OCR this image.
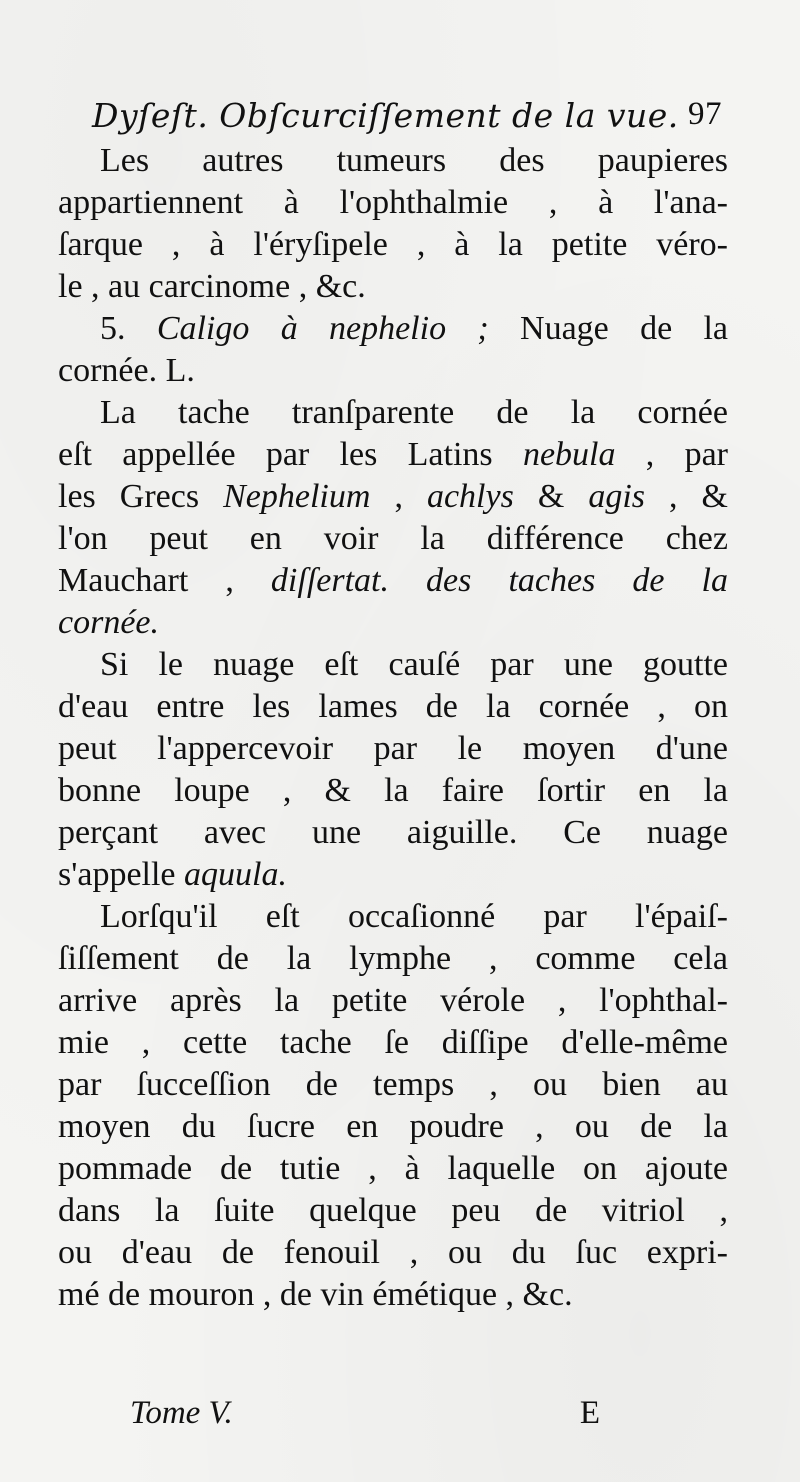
Dyſeſt. Obſcurciſſement de la vue. 97
Les autres tumeurs des paupieres
appartiennent à l'ophthalmie , à l'ana-
ſarque , à l'éryſipele , à la petite véro-
le , au carcinome , &c.
5. Caligo à nephelio ; Nuage de la
cornée. L.
La tache tranſparente de la cornée
eſt appellée par les Latins nebula , par
les Grecs Nephelium , achlys & agis , &
l'on peut en voir la différence chez
Mauchart , diſſertat. des taches de la
cornée.
Si le nuage eſt cauſé par une goutte
d'eau entre les lames de la cornée , on
peut l'appercevoir par le moyen d'une
bonne loupe , & la faire ſortir en la
perçant avec une aiguille. Ce nuage
s'appelle aquula.
Lorſqu'il eſt occaſionné par l'épaiſ-
ſiſſement de la lymphe , comme cela
arrive après la petite vérole , l'ophthal-
mie , cette tache ſe diſſipe d'elle-même
par ſucceſſion de temps , ou bien au
moyen du ſucre en poudre , ou de la
pommade de tutie , à laquelle on ajoute
dans la ſuite quelque peu de vitriol ,
ou d'eau de fenouil , ou du ſuc expri-
mé de mouron , de vin émétique , &c.
Tome V.	E
